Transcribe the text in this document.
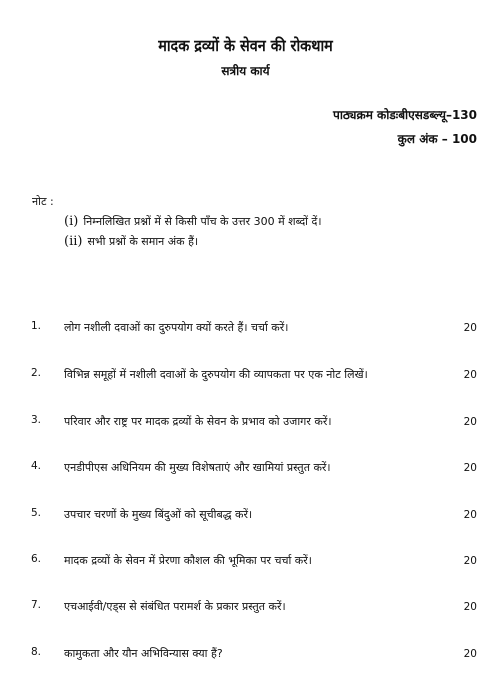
मादक द्रव्यों के सेवन की रोकथाम
सत्रीय कार्य
पाठ्यक्रम कोडःबीएसडब्ल्यू–130
कुल अंक – 100
नोट :
(i) निम्नलिखित प्रश्नों में से किसी पाँच के उत्तर 300 में शब्दों दें।
(ii) सभी प्रश्नों के समान अंक हैं।
1. लोग नशीली दवाओं का दुरुपयोग क्यों करते हैं। चर्चा करें।	20
2. विभिन्न समूहों में नशीली दवाओं के दुरुपयोग की व्यापकता पर एक नोट लिखें।	20
3. परिवार और राष्ट्र पर मादक द्रव्यों के सेवन के प्रभाव को उजागर करें।	20
4. एनडीपीएस अधिनियम की मुख्य विशेषताएं और खामियां प्रस्तुत करें।	20
5. उपचार चरणों के मुख्य बिंदुओं को सूचीबद्ध करें।	20
6. मादक द्रव्यों के सेवन में प्रेरणा कौशल की भूमिका पर चर्चा करें।	20
7. एचआईवी/एड्स से संबंधित परामर्श के प्रकार प्रस्तुत करें।	20
8. कामुकता और यौन अभिविन्यास क्या हैं?	20
